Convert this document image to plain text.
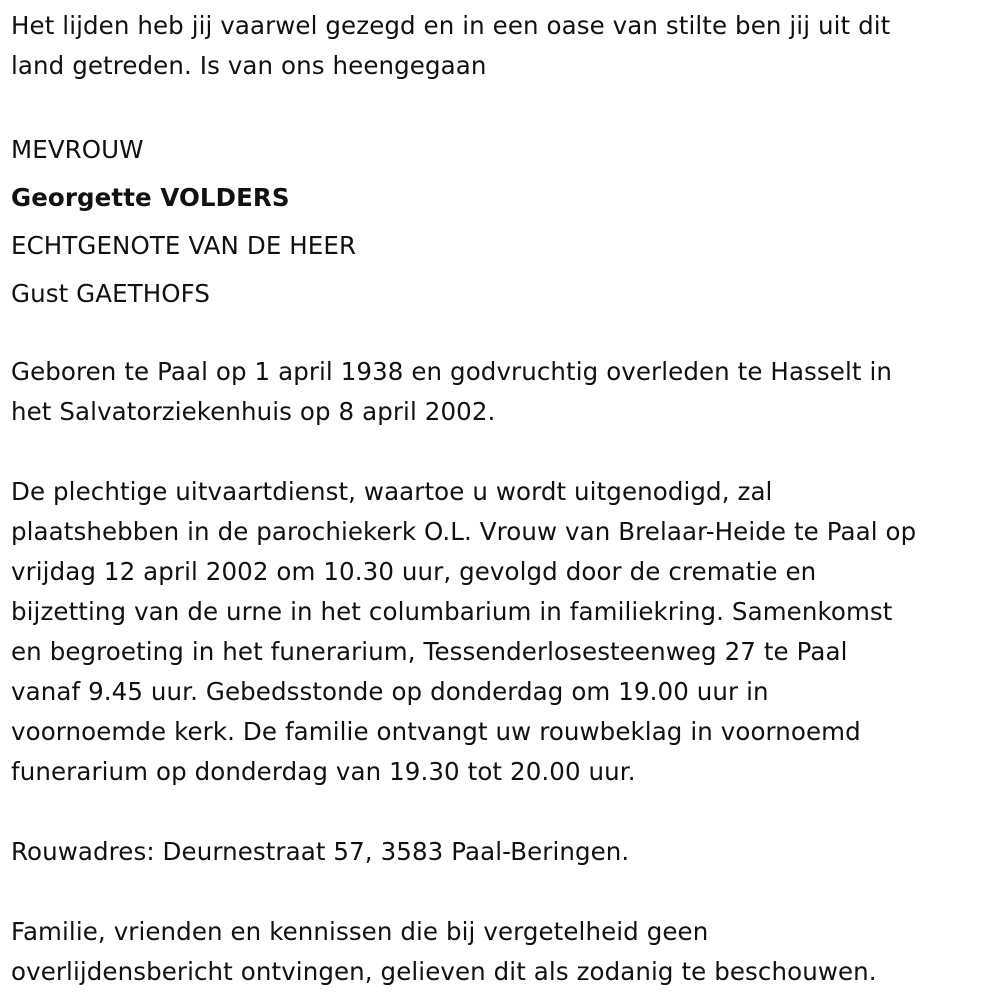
Het lijden heb jij vaarwel gezegd en in een oase van stilte ben jij uit dit
land getreden. Is van ons heengegaan
MEVROUW
Georgette VOLDERS
ECHTGENOTE VAN DE HEER
Gust GAETHOFS
Geboren te Paal op 1 april 1938 en godvruchtig overleden te Hasselt in
het Salvatorziekenhuis op 8 april 2002.
De plechtige uitvaartdienst, waartoe u wordt uitgenodigd, zal
plaatshebben in de parochiekerk O.L. Vrouw van Brelaar-Heide te Paal op
vrijdag 12 april 2002 om 10.30 uur, gevolgd door de crematie en
bijzetting van de urne in het columbarium in familiekring. Samenkomst
en begroeting in het funerarium, Tessenderlosesteenweg 27 te Paal
vanaf 9.45 uur. Gebedsstonde op donderdag om 19.00 uur in
voornoemde kerk. De familie ontvangt uw rouwbeklag in voornoemd
funerarium op donderdag van 19.30 tot 20.00 uur.
Rouwadres: Deurnestraat 57, 3583 Paal-Beringen.
Familie, vrienden en kennissen die bij vergetelheid geen
overlijdensbericht ontvingen, gelieven dit als zodanig te beschouwen.
